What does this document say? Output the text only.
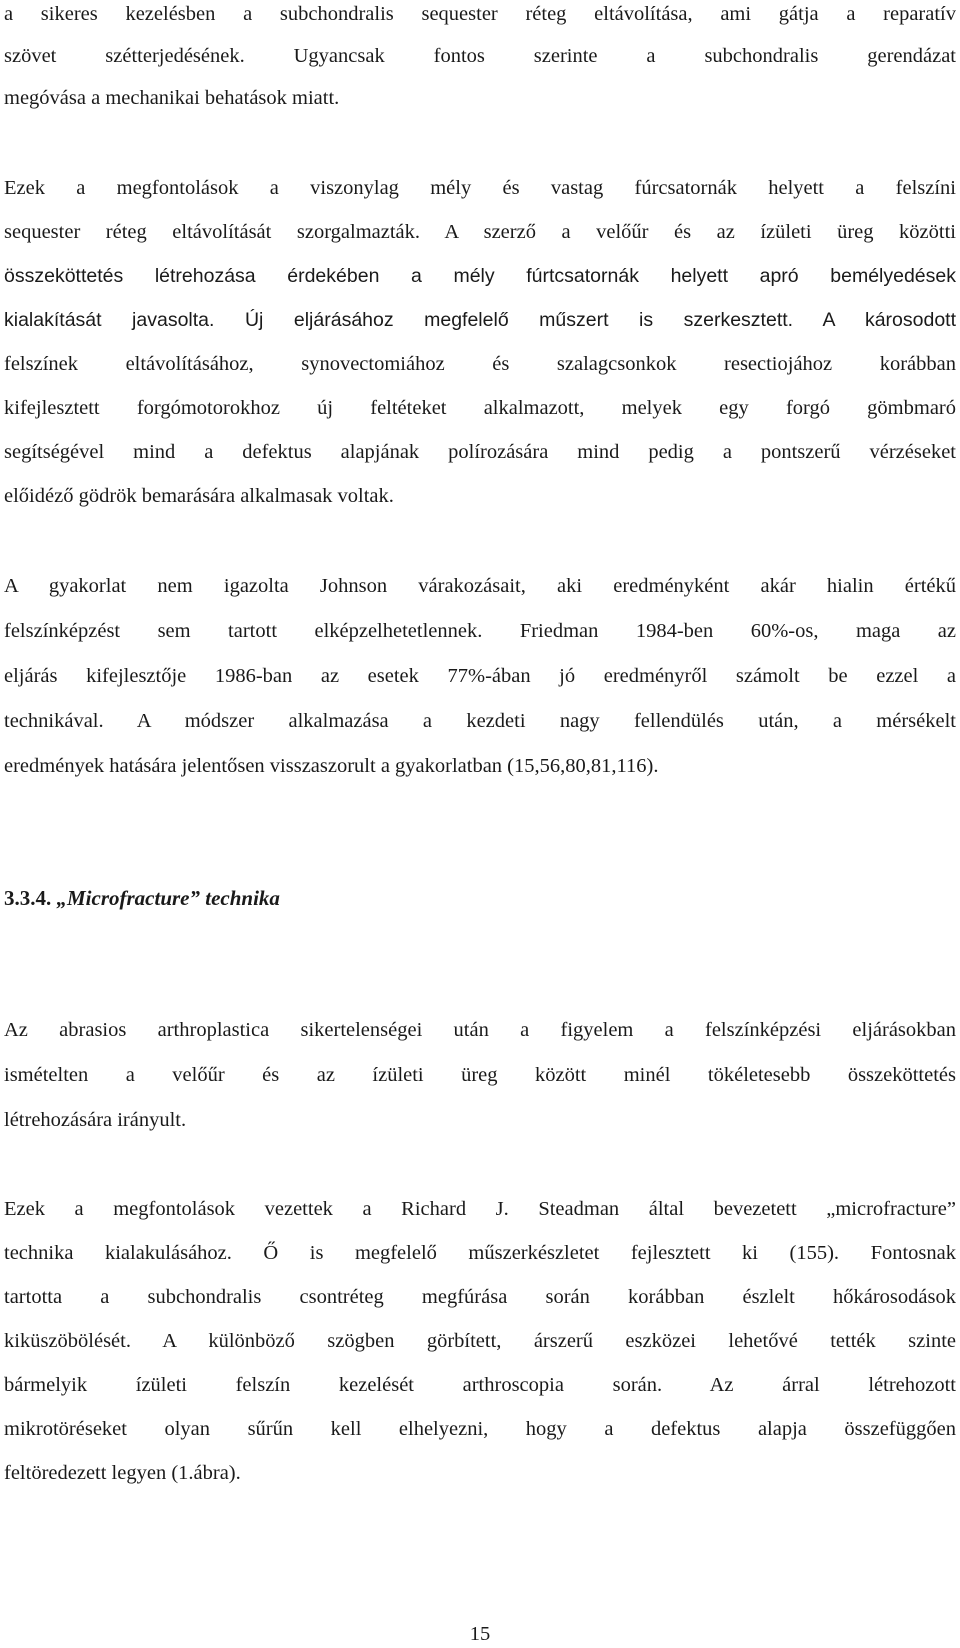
a sikeres kezelésben a subchondralis sequester réteg eltávolítása, ami gátja a reparatív
szövet szétterjedésének. Ugyancsak fontos szerinte a subchondralis gerendázat
megóvása a mechanikai behatások miatt.
Ezek a megfontolások a viszonylag mély és vastag fúrcsatornák helyett a felszíni
sequester réteg eltávolítását szorgalmazták. A szerző a velőűr és az ízületi üreg közötti
összeköttetés létrehozása érdekében a mély fúrtcsatornák helyett apró bemélyedések
kialakítását javasolta. Új eljárásához megfelelő műszert is szerkesztett. A károsodott
felszínek eltávolításához, synovectomiához és szalagcsonkok resectiojához korábban
kifejlesztett forgómotorokhoz új feltéteket alkalmazott, melyek egy forgó gömbmaró
segítségével mind a defektus alapjának polírozására mind pedig a pontszerű vérzéseket
előidéző gödrök bemarására alkalmasak voltak.
A gyakorlat nem igazolta Johnson várakozásait, aki eredményként akár hialin értékű
felszínképzést sem tartott elképzelhetetlennek. Friedman 1984-ben 60%-os, maga az
eljárás kifejlesztője 1986-ban az esetek 77%-ában jó eredményről számolt be ezzel a
technikával. A módszer alkalmazása a kezdeti nagy fellendülés után, a mérsékelt
eredmények hatására jelentősen visszaszorult a gyakorlatban (15,56,80,81,116).
3.3.4. „Microfracture” technika
Az abrasios arthroplastica sikertelenségei után a figyelem a felszínképzési eljárásokban
ismételten a velőűr és az ízületi üreg között minél tökéletesebb összeköttetés
létrehozására irányult.
Ezek a megfontolások vezettek a Richard J. Steadman által bevezetett „microfracture”
technika kialakulásához. Ő is megfelelő műszerkészletet fejlesztett ki (155). Fontosnak
tartotta a subchondralis csontréteg megfúrása során korábban észlelt hőkárosodások
kiküszöbölését. A különböző szögben görbített, árszerű eszközei lehetővé tették szinte
bármelyik ízületi felszín kezelését arthroscopia során. Az árral létrehozott
mikrotöréseket olyan sűrűn kell elhelyezni, hogy a defektus alapja összefüggően
feltöredezett legyen (1.ábra).
15
